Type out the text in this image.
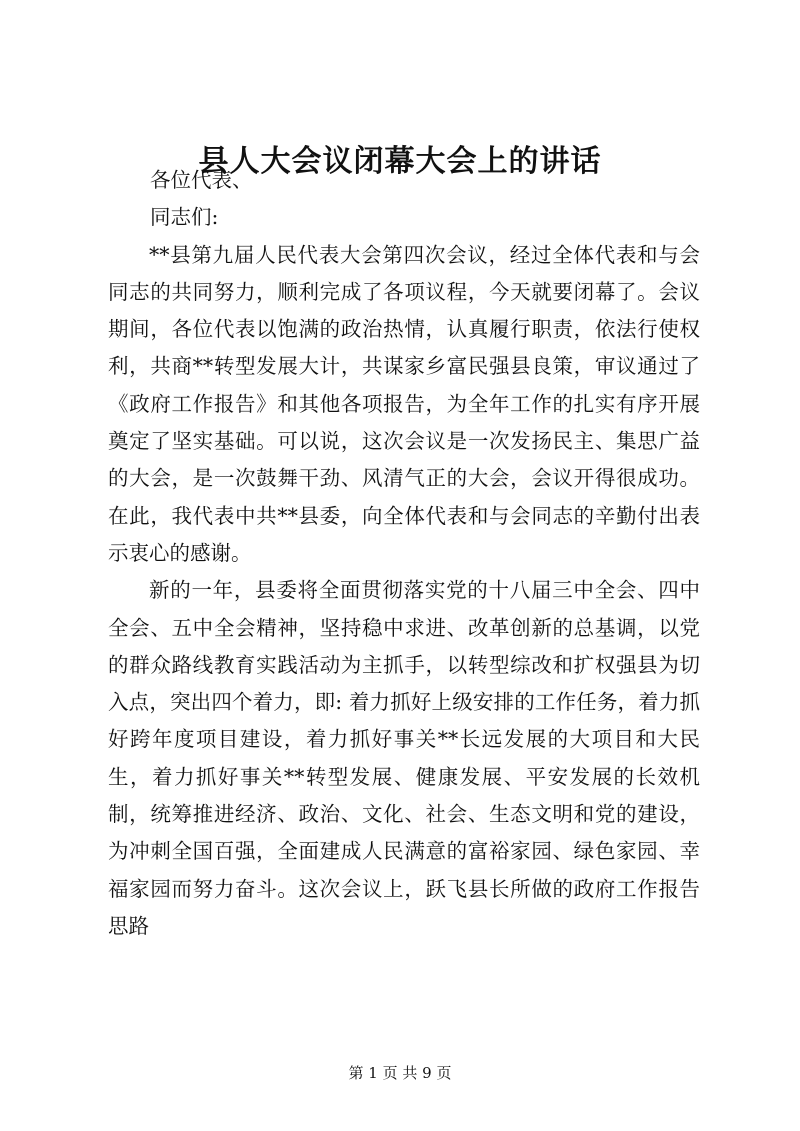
县人大会议闭幕大会上的讲话
各位代表、
同志们:

**县第九届人民代表大会第四次会议，经过全体代表和与会同志的共同努力，顺利完成了各项议程，今天就要闭幕了。会议期间，各位代表以饱满的政治热情，认真履行职责，依法行使权利，共商**转型发展大计，共谋家乡富民强县良策，审议通过了《政府工作报告》和其他各项报告，为全年工作的扎实有序开展奠定了坚实基础。可以说，这次会议是一次发扬民主、集思广益的大会，是一次鼓舞干劲、风清气正的大会，会议开得很成功。在此，我代表中共**县委，向全体代表和与会同志的辛勤付出表示衷心的感谢。

新的一年，县委将全面贯彻落实党的十八届三中全会、四中全会、五中全会精神，坚持稳中求进、改革创新的总基调，以党的群众路线教育实践活动为主抓手，以转型综改和扩权强县为切入点，突出四个着力，即: 着力抓好上级安排的工作任务，着力抓好跨年度项目建设，着力抓好事关**长远发展的大项目和大民生，着力抓好事关**转型发展、健康发展、平安发展的长效机制，统筹推进经济、政治、文化、社会、生态文明和党的建设，为冲刺全国百强，全面建成人民满意的富裕家园、绿色家园、幸福家园而努力奋斗。这次会议上，跃飞县长所做的政府工作报告思路

第 1 页 共 9 页
